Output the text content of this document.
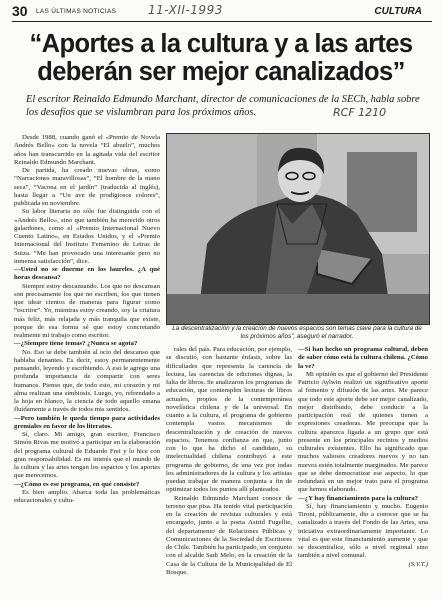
30 LAS ÚLTIMAS NOTICIAS	11-XII-1993	CULTURA
“Aportes a la cultura y a las artes deberán ser mejor canalizados”

El escritor Reinaldo Edmundo Marchant, director de comunicaciones de la SECh, habla sobre los desafíos que se vislumbran para los próximos años.	RCF 1210

La descentralización y la creación de nuevos espacios son temas clave para la cultura de los próximos años”, aseguró el narrador.

Desde 1988, cuando ganó el «Premio de Novela Andrés Bello» con la novela “El abuelo”, muchos años han transcurrido en la agitada vida del escritor Reinaldo Edmundo Marchant.

De partida, ha creado nuevas obras, como “Narraciones maravillosas”, “El hombre de la mano seca”, “Vacona en el jardín” (traducida al inglés), hasta llegar a “Un ave de prodigiosos colores”, publicada en noviembre.

Su labor literaria no sólo fue distinguida con el «Andrés Bello», sino que también ha merecido otros galardones, como el «Premio Internacional Nuevo Cuento Latino», en Estados Unidos, y el «Premio Internacional del Instituto Femenino de Letras de Suiza. “Me han provocado una interesante pero no inmensa satisfacción”, dice.

—Usted no se duerme en los laureles. ¿A qué horas descansa?

Siempre estoy descansando. Los que no descansan son precisamente los que no escriben, los que tienen que idear cientos de maneras para figurar como “escritor”. Yo, mientras estoy creando, soy la criatura más feliz, más relajada y más tranquila que existe, porque de esa forma sé que estoy concretando realmente mi trabajo como escritor.

—¿Siempre tiene temas? ¿Nunca se agota?

No. Eso se debe también al ocio del descanso que hablaba denantes. Es decir, estoy permanentemente pensando, leyendo y escribiendo. A eso le agrego una profunda importancia de compartir con seres humanos. Pienso que, de todo esto, mi corazón y mi alma realizan una simbiosis. Luego, yo, refrendado a la hoja en blanco, la ciencia de todo aquello emana fluidamente a través de todos mis sentidos.

—Pero también le queda tiempo para actividades gremiales en favor de los literatos.

Sí, claro. Mi amigo, gran escritor, Francisco Simón Rivas me motivó a participar en la elaboración del programa cultural de Eduardo Frei y lo hice con gran responsabilidad. Es mi interés que el mundo de la cultura y las artes tengan los espacios y los aportes que merecemos.

—¿Cómo es ese programa, en qué consiste?

Es bien amplio. Abarca toda las problemáticas educacionales y cultu-

rales del país. Para educación, por ejemplo, se discutió, con bastante énfasis, sobre las dificultades que representa la carencia de lectura, las carencias de ediciones dignas, la falta de libros. Se analizaron los programas de educación, que contemplen lecturas de libros actuales, propios de la contemporánea novelística chilena y de la universal. En cuanto a la cultura, el programa de gobierno contempla vastos mecanismos de descentralización y de creación de nuevos espacios. Tenemos confianza en que, junto con lo que ha dicho el candidato, su intelectualidad chilena contribuyó a este programa de gobierno, de una vez por todas los administradores de la cultura y los artistas puedan trabajar de manera conjunta a fin de optimizar todos los puntos allí planteados.

Reinaldo Edmundo Marchant conoce de terreno que pisa. Ha tenido vital participación en la creación de revistas culturales y está encargado, junto a la poeta Astrid Fugellie, del departamento de Relaciones Públicas y Comunicaciones de la Sociedad de Escritores de Chile. También ha participado, en conjunto con el alcalde Sadi Melo, en la creación de la Casa de la Cultura de la Municipalidad de El Bosque.

—Si han hecho un programa cultural, deben de saber cómo está la cultura chilena. ¿Cómo la ve?

Mi opinión es que el gobierno del Presidente Patricio Aylwin realizó un significativo aporte al fomento y difusión de las artes. Me parece que todo este aporte debe ser mejor canalizado, mejor distribuido, debe conducir a la participación real de quienes tienen a expresiones creadoras. Me preocupa que la cultura aparezca ligada a un grupo que está presente en los principales recintos y medios culturales existentes. Ello ha significado que muchos valiosos creadores nuevos y no tan nuevos estén totalmente marginados. Me parece que se debe democratizar ese aspecto, lo que redundará en un mejor trato para el programa que hemos elaborado.

—¿Y hay financiamiento para la cultura?

Sí, hay financiamiento y mucho. Eugenio Tironi, públicamente, dio a conocer que se ha canalizado a través del Fondo de las Artes, una iniciativa extraordinariamente importante. Lo vital es que este financiamiento aumente y que se descentralice, sólo a nivel regional sino también a nivel comunal.

(S.V.T.)
